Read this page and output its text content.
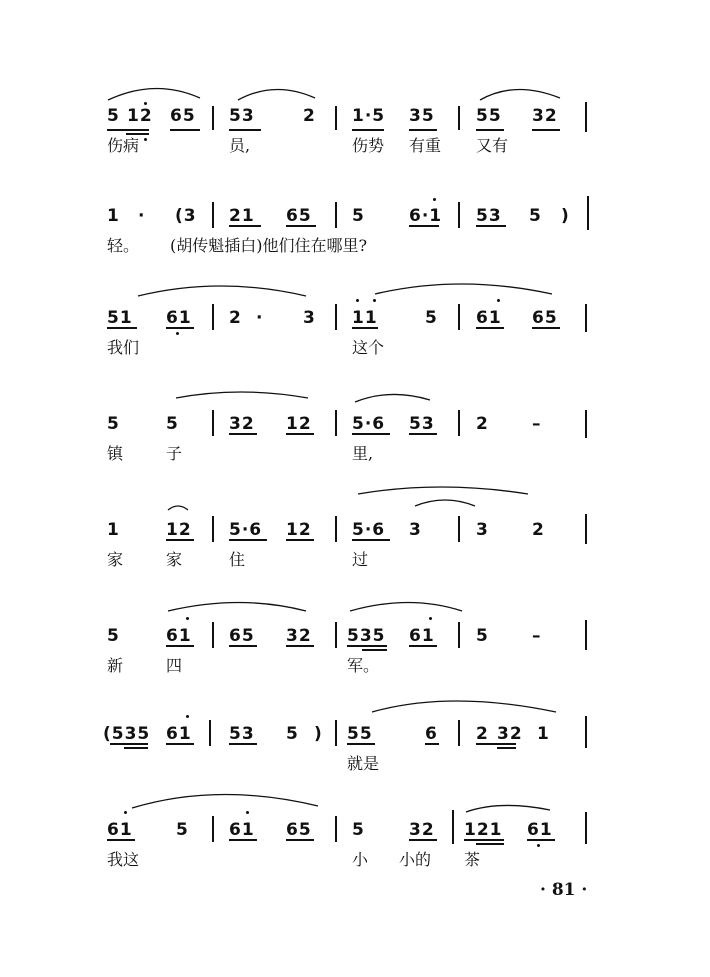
5 12 65 53	2 1·5 35 55 32
伤病	员,	伤势 有重 又有
1 · (3 21 65 5	6·1 53 5 )
轻。 (胡传魁插白)他们住在哪里?
51 61 2 · 3 11	5 61 65
我们	这个
5	5	32 12 5·6 53 2	–
镇	子	里,
1	12 5·6 12 5·6 3	3	2
家	家	住	过
5	61 65 32 535 61 5	–
新	四	军。
(535 61 53 5 ) 55	6 2 32 1
就是
61	5 61 65 5	32 121 61
我这	小 小的 茶
· 81 ·
